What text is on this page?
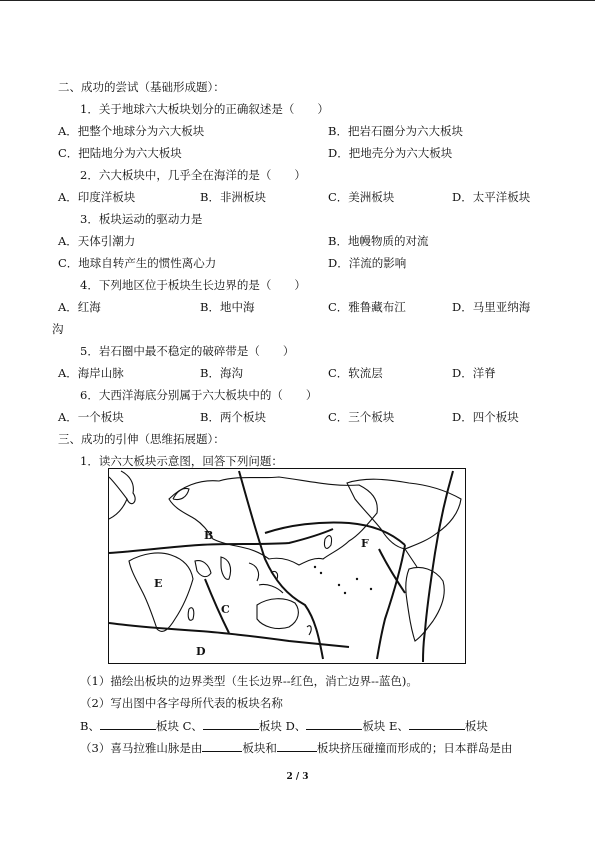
二、成功的尝试（基础形成题）：
1．关于地球六大板块划分的正确叙述是（　　）
A．把整个地球分为六大板块	B．把岩石圈分为六大板块
C．把陆地分为六大板块	D．把地壳分为六大板块
2．六大板块中，几乎全在海洋的是（　　）
A．印度洋板块	B．非洲板块	C．美洲板块	D．太平洋板块
3．板块运动的驱动力是
A．天体引潮力	B．地幔物质的对流
C．地球自转产生的惯性离心力	D．洋流的影响
4．下列地区位于板块生长边界的是（　　）
A．红海	B．地中海	C．雅鲁藏布江	D．马里亚纳海
沟
5．岩石圈中最不稳定的破碎带是（　　）
A．海岸山脉	B．海沟	C．软流层	D．洋脊
6．大西洋海底分别属于六大板块中的（　　）
A．一个板块	B．两个板块	C．三个板块	D．四个板块
三、成功的引伸（思维拓展题）：
1．读六大板块示意图，回答下列问题：
B
C
D
E
F
（1）描绘出板块的边界类型（生长边界--红色，消亡边界--蓝色)。
（2）写出图中各字母所代表的板块名称
B、	板块 C、	板块 D、	板块 E、	板块
（3）喜马拉雅山脉是由	板块和	板块挤压碰撞而形成的；日本群岛是由
2 / 3
